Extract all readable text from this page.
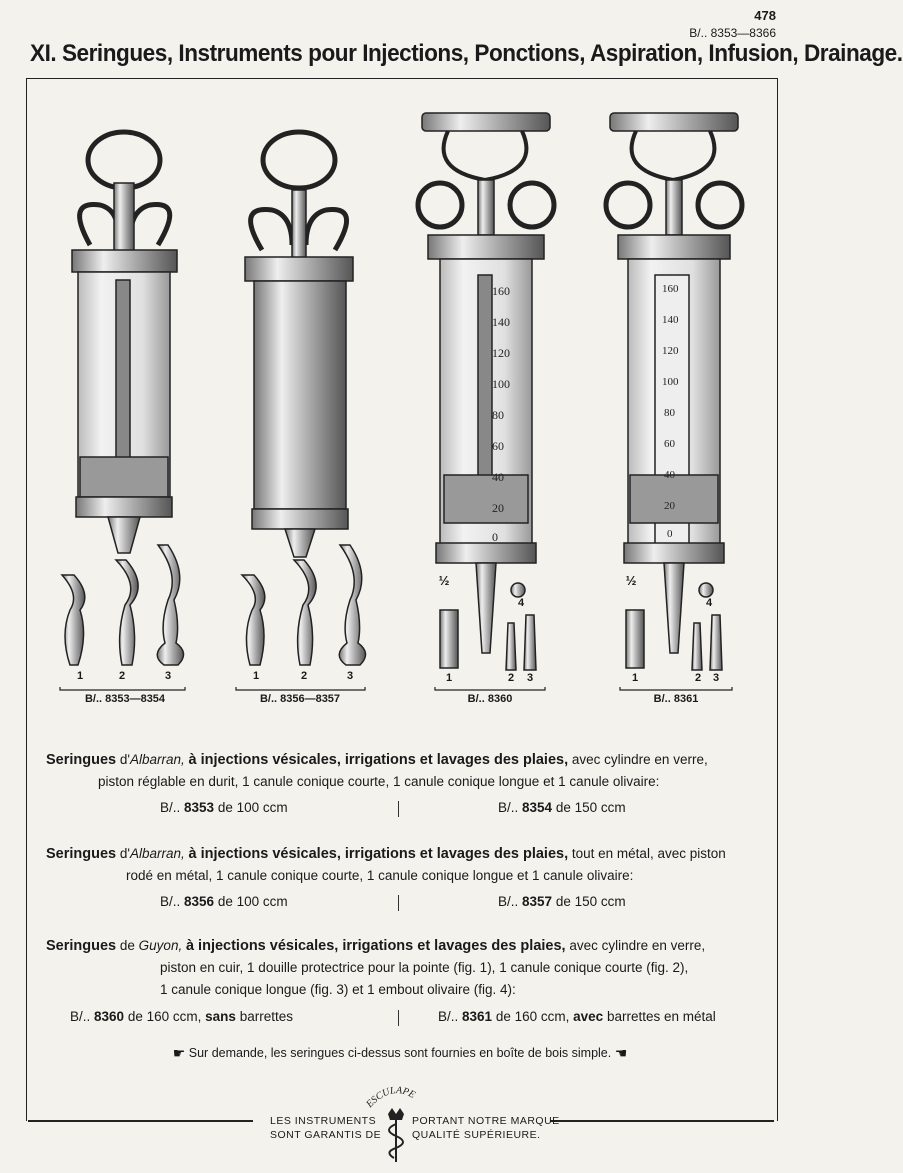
478
B/.. 8353—8366
XI. Seringues, Instruments pour Injections, Ponctions, Aspiration, Infusion, Drainage.
160
140
120
100
80
60
40
20
0
160
140
120
100
80
60
40
20
0
1	2	3	1	2	3	1	2	3	1	2	3
½	½
4	4
B/.. 8353—8354	B/.. 8356—8357	B/.. 8360	B/.. 8361
Seringues d'Albarran, à injections vésicales, irrigations et lavages des plaies, avec cylindre en verre,
piston réglable en durit, 1 canule conique courte, 1 canule conique longue et 1 canule olivaire:
B/.. 8353 de 100 ccm	B/.. 8354 de 150 ccm
Seringues d'Albarran, à injections vésicales, irrigations et lavages des plaies, tout en métal, avec piston
rodé en métal, 1 canule conique courte, 1 canule conique longue et 1 canule olivaire:
B/.. 8356 de 100 ccm	B/.. 8357 de 150 ccm
Seringues de Guyon, à injections vésicales, irrigations et lavages des plaies, avec cylindre en verre,
piston en cuir, 1 douille protectrice pour la pointe (fig. 1), 1 canule conique courte (fig. 2),
1 canule conique longue (fig. 3) et 1 embout olivaire (fig. 4):
B/.. 8360 de 160 ccm, sans barrettes	B/.. 8361 de 160 ccm, avec barrettes en métal
☛ Sur demande, les seringues ci-dessus sont fournies en boîte de bois simple. ☚
LES INSTRUMENTS
SONT GARANTIS DE
PORTANT NOTRE MARQUE
QUALITÉ SUPÉRIEURE.
ESCULAPE
